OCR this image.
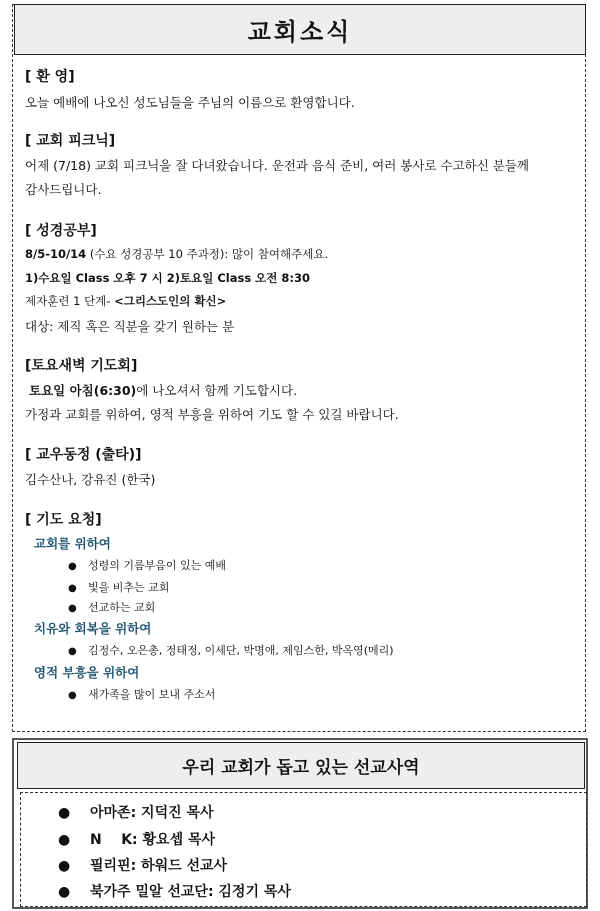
교회소식
[ 환 영]
오늘 예배에 나오신 성도님들을 주님의 이름으로 환영합니다.
[ 교회 피크닉]
어제 (7/18) 교회 피크닉을 잘 다녀왔습니다. 운전과 음식 준비, 여러 봉사로 수고하신 분들께
감사드립니다.
[ 성경공부]
8/5-10/14 (수요 성경공부 10 주과정): 많이 참여해주세요.
1)수요일 Class 오후 7 시 2)토요일 Class 오전 8:30
제자훈련 1 단계- <그리스도인의 확신>
대상: 제직 혹은 직분을 갖기 원하는 분
[토요새벽 기도회]
토요일 아침(6:30)에 나오셔서 함께 기도합시다.
가정과 교회를 위하여, 영적 부흥을 위하여 기도 할 수 있길 바랍니다.
[ 교우동정 (출타)]
김수산나, 강유진 (한국)
[ 기도 요청]
교회를 위하여
● 성령의 기름부음이 있는 예배
● 빛을 비추는 교회
● 선교하는 교회
치유와 회복을 위하여
● 김정수, 오은총, 정태정, 이세단, 박명애, 제임스한, 박옥영(메리)
영적 부흥을 위하여
● 새가족을 많이 보내 주소서
우리 교회가 돕고 있는 선교사역
● 아마존: 지덕진 목사
● N    K: 황요셉 목사
● 필리핀: 하워드 선교사
● 북가주 밀알 선교단: 김정기 목사
